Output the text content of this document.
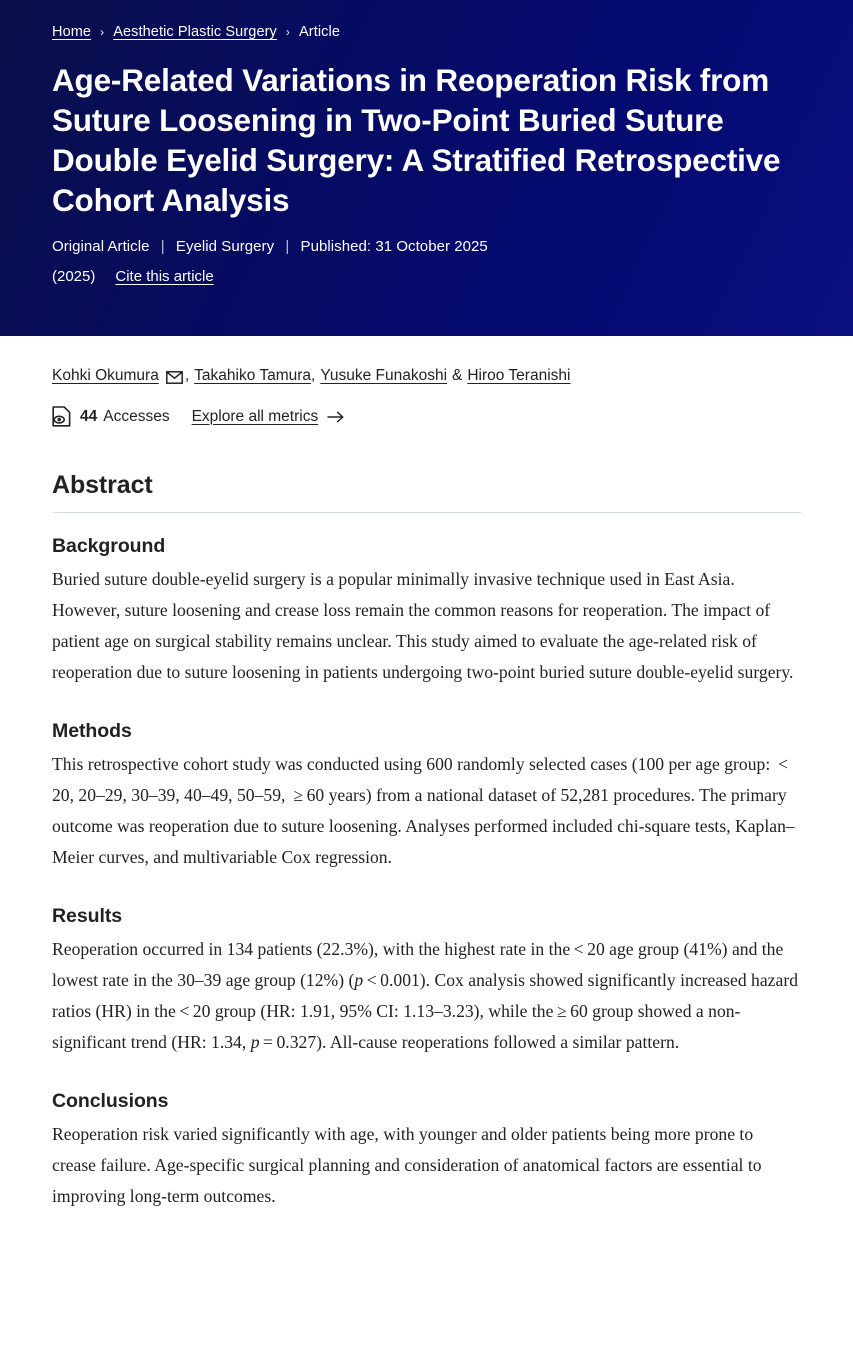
Home › Aesthetic Plastic Surgery › Article
Age-Related Variations in Reoperation Risk from Suture Loosening in Two-Point Buried Suture Double Eyelid Surgery: A Stratified Retrospective Cohort Analysis
Original Article | Eyelid Surgery | Published: 31 October 2025
(2025) Cite this article
Kohki Okumura , Takahiko Tamura , Yusuke Funakoshi & Hiroo Teranishi
44 Accesses Explore all metrics
Abstract
Background

Buried suture double-eyelid surgery is a popular minimally invasive technique used in East Asia. However, suture loosening and crease loss remain the common reasons for reoperation. The impact of patient age on surgical stability remains unclear. This study aimed to evaluate the age-related risk of reoperation due to suture loosening in patients undergoing two-point buried suture double-eyelid surgery.

Methods

This retrospective cohort study was conducted using 600 randomly selected cases (100 per age group:  < 20, 20–29, 30–39, 40–49, 50–59,  ≥ 60 years) from a national dataset of 52,281 procedures. The primary outcome was reoperation due to suture loosening. Analyses performed included chi-square tests, Kaplan–Meier curves, and multivariable Cox regression.

Results

Reoperation occurred in 134 patients (22.3%), with the highest rate in the < 20 age group (41%) and the lowest rate in the 30–39 age group (12%) (p < 0.001). Cox analysis showed significantly increased hazard ratios (HR) in the < 20 group (HR: 1.91, 95% CI: 1.13–3.23), while the ≥ 60 group showed a non-significant trend (HR: 1.34, p = 0.327). All-cause reoperations followed a similar pattern.

Conclusions

Reoperation risk varied significantly with age, with younger and older patients being more prone to crease failure. Age-specific surgical planning and consideration of anatomical factors are essential to improving long-term outcomes.
